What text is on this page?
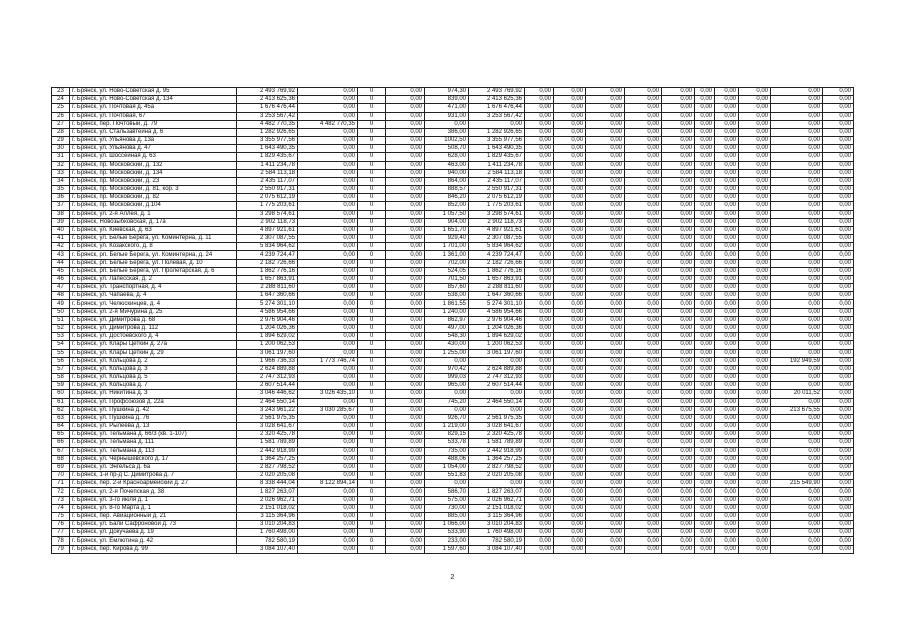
23	г. Брянск, ул. Ново-Советская д. 95	2 493 769,92	0,00	0	0,00	974,30	2 493 769,92	0,00	0,00	0,00	0,00	0,00	0,00	0,00	0,00	0,00	0,00
24	г. Брянск, ул. Ново-Советская д. 134	2 413 625,36	0,00	0	0,00	839,00	2 413 625,36	0,00	0,00	0,00	0,00	0,00	0,00	0,00	0,00	0,00	0,00
25	г. Брянск, ул. Почтовая д. 45а	1 676 476,44	0,00	0	0,00	471,00	1 676 476,44	0,00	0,00	0,00	0,00	0,00	0,00	0,00	0,00	0,00	0,00
26	г. Брянск, ул. Почтовая, 67	3 253 567,42	0,00	0	0,00	931,00	3 253 567,42	0,00	0,00	0,00	0,00	0,00	0,00	0,00	0,00	0,00	0,00
27	г. Брянск, пер. Почтовый, д. 79	4 482 770,35	4 482 770,35	0	0,00	0,00	0,00	0,00	0,00	0,00	0,00	0,00	0,00	0,00	0,00	0,00	0,00
28	г. Брянск, ул. Стальзавтейна д. 6	1 282 926,65	0,00	0	0,00	386,00	1 282 926,65	0,00	0,00	0,00	0,00	0,00	0,00	0,00	0,00	0,00	0,00
29	г. Брянск, ул. Ульянова д. 13а	3 355 977,56	0,00	0	0,00	1002,50	3 355 977,56	0,00	0,00	0,00	0,00	0,00	0,00	0,00	0,00	0,00	0,00
30	г. Брянск, ул. Ульянова д. 47	1 643 490,35	0,00	0	0,00	508,70	1 643 490,35	0,00	0,00	0,00	0,00	0,00	0,00	0,00	0,00	0,00	0,00
31	г. Брянск, ул. Шоссейная д. 63	1 829 435,67	0,00	0	0,00	628,00	1 829 435,67	0,00	0,00	0,00	0,00	0,00	0,00	0,00	0,00	0,00	0,00
32	г. Брянск, пр. Московский, д. 132	1 411 234,78	0,00	0	0,00	463,00	1 411 234,78	0,00	0,00	0,00	0,00	0,00	0,00	0,00	0,00	0,00	0,00
33	г. Брянск, пр. Московский, д. 134	2 584 113,18	0,00	0	0,00	940,00	2 584 113,18	0,00	0,00	0,00	0,00	0,00	0,00	0,00	0,00	0,00	0,00
34	г. Брянск, пр. Московский, д. 23	2 435 117,07	0,00	0	0,00	864,00	2 435 117,07	0,00	0,00	0,00	0,00	0,00	0,00	0,00	0,00	0,00	0,00
35	г. Брянск, пр. Московский, д. 81, кор. 3	2 550 917,31	0,00	0	0,00	888,57	2 550 917,31	0,00	0,00	0,00	0,00	0,00	0,00	0,00	0,00	0,00	0,00
36	г. Брянск, пр. Московский, д. 82	2 075 612,19	0,00	0	0,00	846,20	2 075 612,19	0,00	0,00	0,00	0,00	0,00	0,00	0,00	0,00	0,00	0,00
37	г. Брянск, пр. Московский, д.104	1 775 203,61	0,00	0	0,00	852,00	1 775 203,61	0,00	0,00	0,00	0,00	0,00	0,00	0,00	0,00	0,00	0,00
38	г. Брянск, ул. 2-я Аллея, д. 1	3 298 574,61	0,00	0	0,00	1 057,50	3 298 574,61	0,00	0,00	0,00	0,00	0,00	0,00	0,00	0,00	0,00	0,00
39	г. Брянск, Новозыбковская, д. 17а	2 902 118,73	0,00	0	0,00	904,00	2 902 118,73	0,00	0,00	0,00	0,00	0,00	0,00	0,00	0,00	0,00	0,00
40	г. Брянск, ул. Киевская, д. 63	4 897 921,61	0,00	0	0,00	1 651,70	4 897 921,61	0,00	0,00	0,00	0,00	0,00	0,00	0,00	0,00	0,00	0,00
41	г. Брянск, ул. Белые Берега, ул. Коминтерна, д. 11	2 307 087,55	0,00	0	0,00	929,40	2 307 087,55	0,00	0,00	0,00	0,00	0,00	0,00	0,00	0,00	0,00	0,00
42	г. Брянск, ул. Козакского, д. 8	5 834 964,62	0,00	0	0,00	1 701,00	5 834 964,62	0,00	0,00	0,00	0,00	0,00	0,00	0,00	0,00	0,00	0,00
43	г. Брянск, рп. Белые Берега, ул. Коминтерна, д. 24	4 239 724,47	0,00	0	0,00	1 361,00	4 239 724,47	0,00	0,00	0,00	0,00	0,00	0,00	0,00	0,00	0,00	0,00
44	г. Брянск, рп. Белые Берега, ул. Полевая, д. 10	2 182 726,66	0,00	0	0,00	702,00	2 182 726,66	0,00	0,00	0,00	0,00	0,00	0,00	0,00	0,00	0,00	0,00
45	г. Брянск, рп. Белые Берега, ул. Пролетарская, д. 6	1 862 776,16	0,00	0	0,00	524,05	1 862 776,16	0,00	0,00	0,00	0,00	0,00	0,00	0,00	0,00	0,00	0,00
46	г. Брянск, ул. Лапесская, д. 2	1 657 863,91	0,00	0	0,00	701,50	1 657 863,91	0,00	0,00	0,00	0,00	0,00	0,00	0,00	0,00	0,00	0,00
47	г. Брянск, ул. Транспортная, д. 4	2 288 811,60	0,00	0	0,00	857,60	2 288 811,60	0,00	0,00	0,00	0,00	0,00	0,00	0,00	0,00	0,00	0,00
48	г. Брянск, ул. Чапаева, д. 4	1 647 360,66	0,00	0	0,00	538,00	1 647 360,66	0,00	0,00	0,00	0,00	0,00	0,00	0,00	0,00	0,00	0,00
49	г. Брянск, ул. Челюскинцев, д. 4	5 274 301,10	0,00	0	0,00	1 861,55	5 274 301,10	0,00	0,00	0,00	0,00	0,00	0,00	0,00	0,00	0,00	0,00
50	г. Брянск, ул. 2-я Мичурина д. 25	4 586 954,66	0,00	0	0,00	1 240,00	4 586 954,66	0,00	0,00	0,00	0,00	0,00	0,00	0,00	0,00	0,00	0,00
51	г. Брянск, ул. Димитрова д. 68	2 976 904,46	0,00	0	0,00	862,97	2 976 904,46	0,00	0,00	0,00	0,00	0,00	0,00	0,00	0,00	0,00	0,00
52	г. Брянск, ул. Димитрова д. 112	1 204 026,36	0,00	0	0,00	497,00	1 204 026,36	0,00	0,00	0,00	0,00	0,00	0,00	0,00	0,00	0,00	0,00
53	г. Брянск, ул. Достоевского д. 4	1 894 629,02	0,00	0	0,00	548,30	1 894 629,02	0,00	0,00	0,00	0,00	0,00	0,00	0,00	0,00	0,00	0,00
54	г. Брянск, ул. Клары Цеткин д. 27а	1 200 062,53	0,00	0	0,00	430,00	1 200 062,53	0,00	0,00	0,00	0,00	0,00	0,00	0,00	0,00	0,00	0,00
55	г. Брянск, ул. Клары Цеткин д. 29	3 061 197,60	0,00	0	0,00	1 255,00	3 061 197,60	0,00	0,00	0,00	0,00	0,00	0,00	0,00	0,00	0,00	0,00
56	г. Брянск, ул. Кольцова д. 2	1 966 736,33	1 773 746,74	0	0,00	0,00	0,00	0,00	0,00	0,00	0,00	0,00	0,00	0,00	0,00	192 949,59	0,00
57	г. Брянск, ул. Кольцова д. 3	2 624 889,88	0,00	0	0,00	970,42	2 624 889,88	0,00	0,00	0,00	0,00	0,00	0,00	0,00	0,00	0,00	0,00
58	г. Брянск, ул. Кольцова д. 5	2 747 312,93	0,00	0	0,00	999,03	2 747 312,93	0,00	0,00	0,00	0,00	0,00	0,00	0,00	0,00	0,00	0,00
59	г. Брянск, ул. Кольцова д. 7	2 607 514,44	0,00	0	0,00	965,00	2 607 514,44	0,00	0,00	0,00	0,00	0,00	0,00	0,00	0,00	0,00	0,00
60	г. Брянск, ул. Никитина д. 3	3 046 446,62	3 026 435,10	0	0,00	0,00	0,00	0,00	0,00	0,00	0,00	0,00	0,00	0,00	0,00	20 011,52	0,00
61	г. Брянск, ул. Профсоюзов д. 22а	2 464 550,14	0,00	0	0,00	745,20	2 464 550,14	0,00	0,00	0,00	0,00	0,00	0,00	0,00	0,00	0,00	0,00
62	г. Брянск, ул. Пушкина д. 42	3 243 961,22	3 030 285,67	0	0,00	0,00	0,00	0,00	0,00	0,00	0,00	0,00	0,00	0,00	0,00	213 675,55	0,00
63	г. Брянск, ул. Пушкина д. 76	2 561 975,35	0,00	0	0,00	926,70	2 561 975,35	0,00	0,00	0,00	0,00	0,00	0,00	0,00	0,00	0,00	0,00
64	г. Брянск, ул. Рылеева д. 13	3 028 641,67	0,00	0	0,00	1 219,00	3 028 641,67	0,00	0,00	0,00	0,00	0,00	0,00	0,00	0,00	0,00	0,00
65	г. Брянск, ул. Тельмана д. 66/3 (кв. 1-107)	2 320 425,78	0,00	0	0,00	829,15	2 320 425,78	0,00	0,00	0,00	0,00	0,00	0,00	0,00	0,00	0,00	0,00
66	г. Брянск, ул. Тельмана д. 111	1 581 789,89	0,00	0	0,00	533,78	1 581 789,89	0,00	0,00	0,00	0,00	0,00	0,00	0,00	0,00	0,00	0,00
67	г. Брянск, ул. Тельмана д. 113	2 442 918,99	0,00	0	0,00	735,00	2 442 918,99	0,00	0,00	0,00	0,00	0,00	0,00	0,00	0,00	0,00	0,00
68	г. Брянск, ул. Чернышевского д. 17	1 364 257,25	0,00	0	0,00	488,06	1 364 257,25	0,00	0,00	0,00	0,00	0,00	0,00	0,00	0,00	0,00	0,00
69	г. Брянск, ул. Энгельса д. 6а	2 827 798,52	0,00	0	0,00	1 054,00	2 827 798,52	0,00	0,00	0,00	0,00	0,00	0,00	0,00	0,00	0,00	0,00
70	г. Брянск, 1-й пр-д С. Димитрова д. 7	2 020 205,08	0,00	0	0,00	551,83	2 020 205,08	0,00	0,00	0,00	0,00	0,00	0,00	0,00	0,00	0,00	0,00
71	г. Брянск, пер. 2-й Красноармейский д. 27	8 338 444,04	8 122 894,14	0	0,00	0,00	0,00	0,00	0,00	0,00	0,00	0,00	0,00	0,00	0,00	215 549,90	0,00
72	г. Брянск, ул. 2-я Почепская д. 38	1 827 263,07	0,00	0	0,00	586,70	1 827 263,07	0,00	0,00	0,00	0,00	0,00	0,00	0,00	0,00	0,00	0,00
73	г. Брянск, ул. 3-го июля д. 1	2 026 962,71	0,00	0	0,00	575,00	2 026 962,71	0,00	0,00	0,00	0,00	0,00	0,00	0,00	0,00	0,00	0,00
74	г. Брянск, ул. 8-го Марта д. 1	2 151 018,02	0,00	0	0,00	730,00	2 151 018,02	0,00	0,00	0,00	0,00	0,00	0,00	0,00	0,00	0,00	0,00
75	г. Брянск, пер. Авиационный д. 21	3 115 364,96	0,00	0	0,00	885,00	3 115 364,96	0,00	0,00	0,00	0,00	0,00	0,00	0,00	0,00	0,00	0,00
76	г. Брянск, ул. Бали Сафроновой д. 73	3 010 204,83	0,00	0	0,00	1 066,00	3 010 204,83	0,00	0,00	0,00	0,00	0,00	0,00	0,00	0,00	0,00	0,00
77	г. Брянск, ул. Докучаева д. 19	1 760 498,00	0,00	0	0,00	533,90	1 760 498,00	0,00	0,00	0,00	0,00	0,00	0,00	0,00	0,00	0,00	0,00
78	г. Брянск, ул. Емлютина д. 42	782 580,19	0,00	0	0,00	233,00	782 580,19	0,00	0,00	0,00	0,00	0,00	0,00	0,00	0,00	0,00	0,00
79	г. Брянск, пер. Кирова д. 99	3 084 107,40	0,00	0	0,00	1 597,60	3 084 107,40	0,00	0,00	0,00	0,00	0,00	0,00	0,00	0,00	0,00	0,00
2
